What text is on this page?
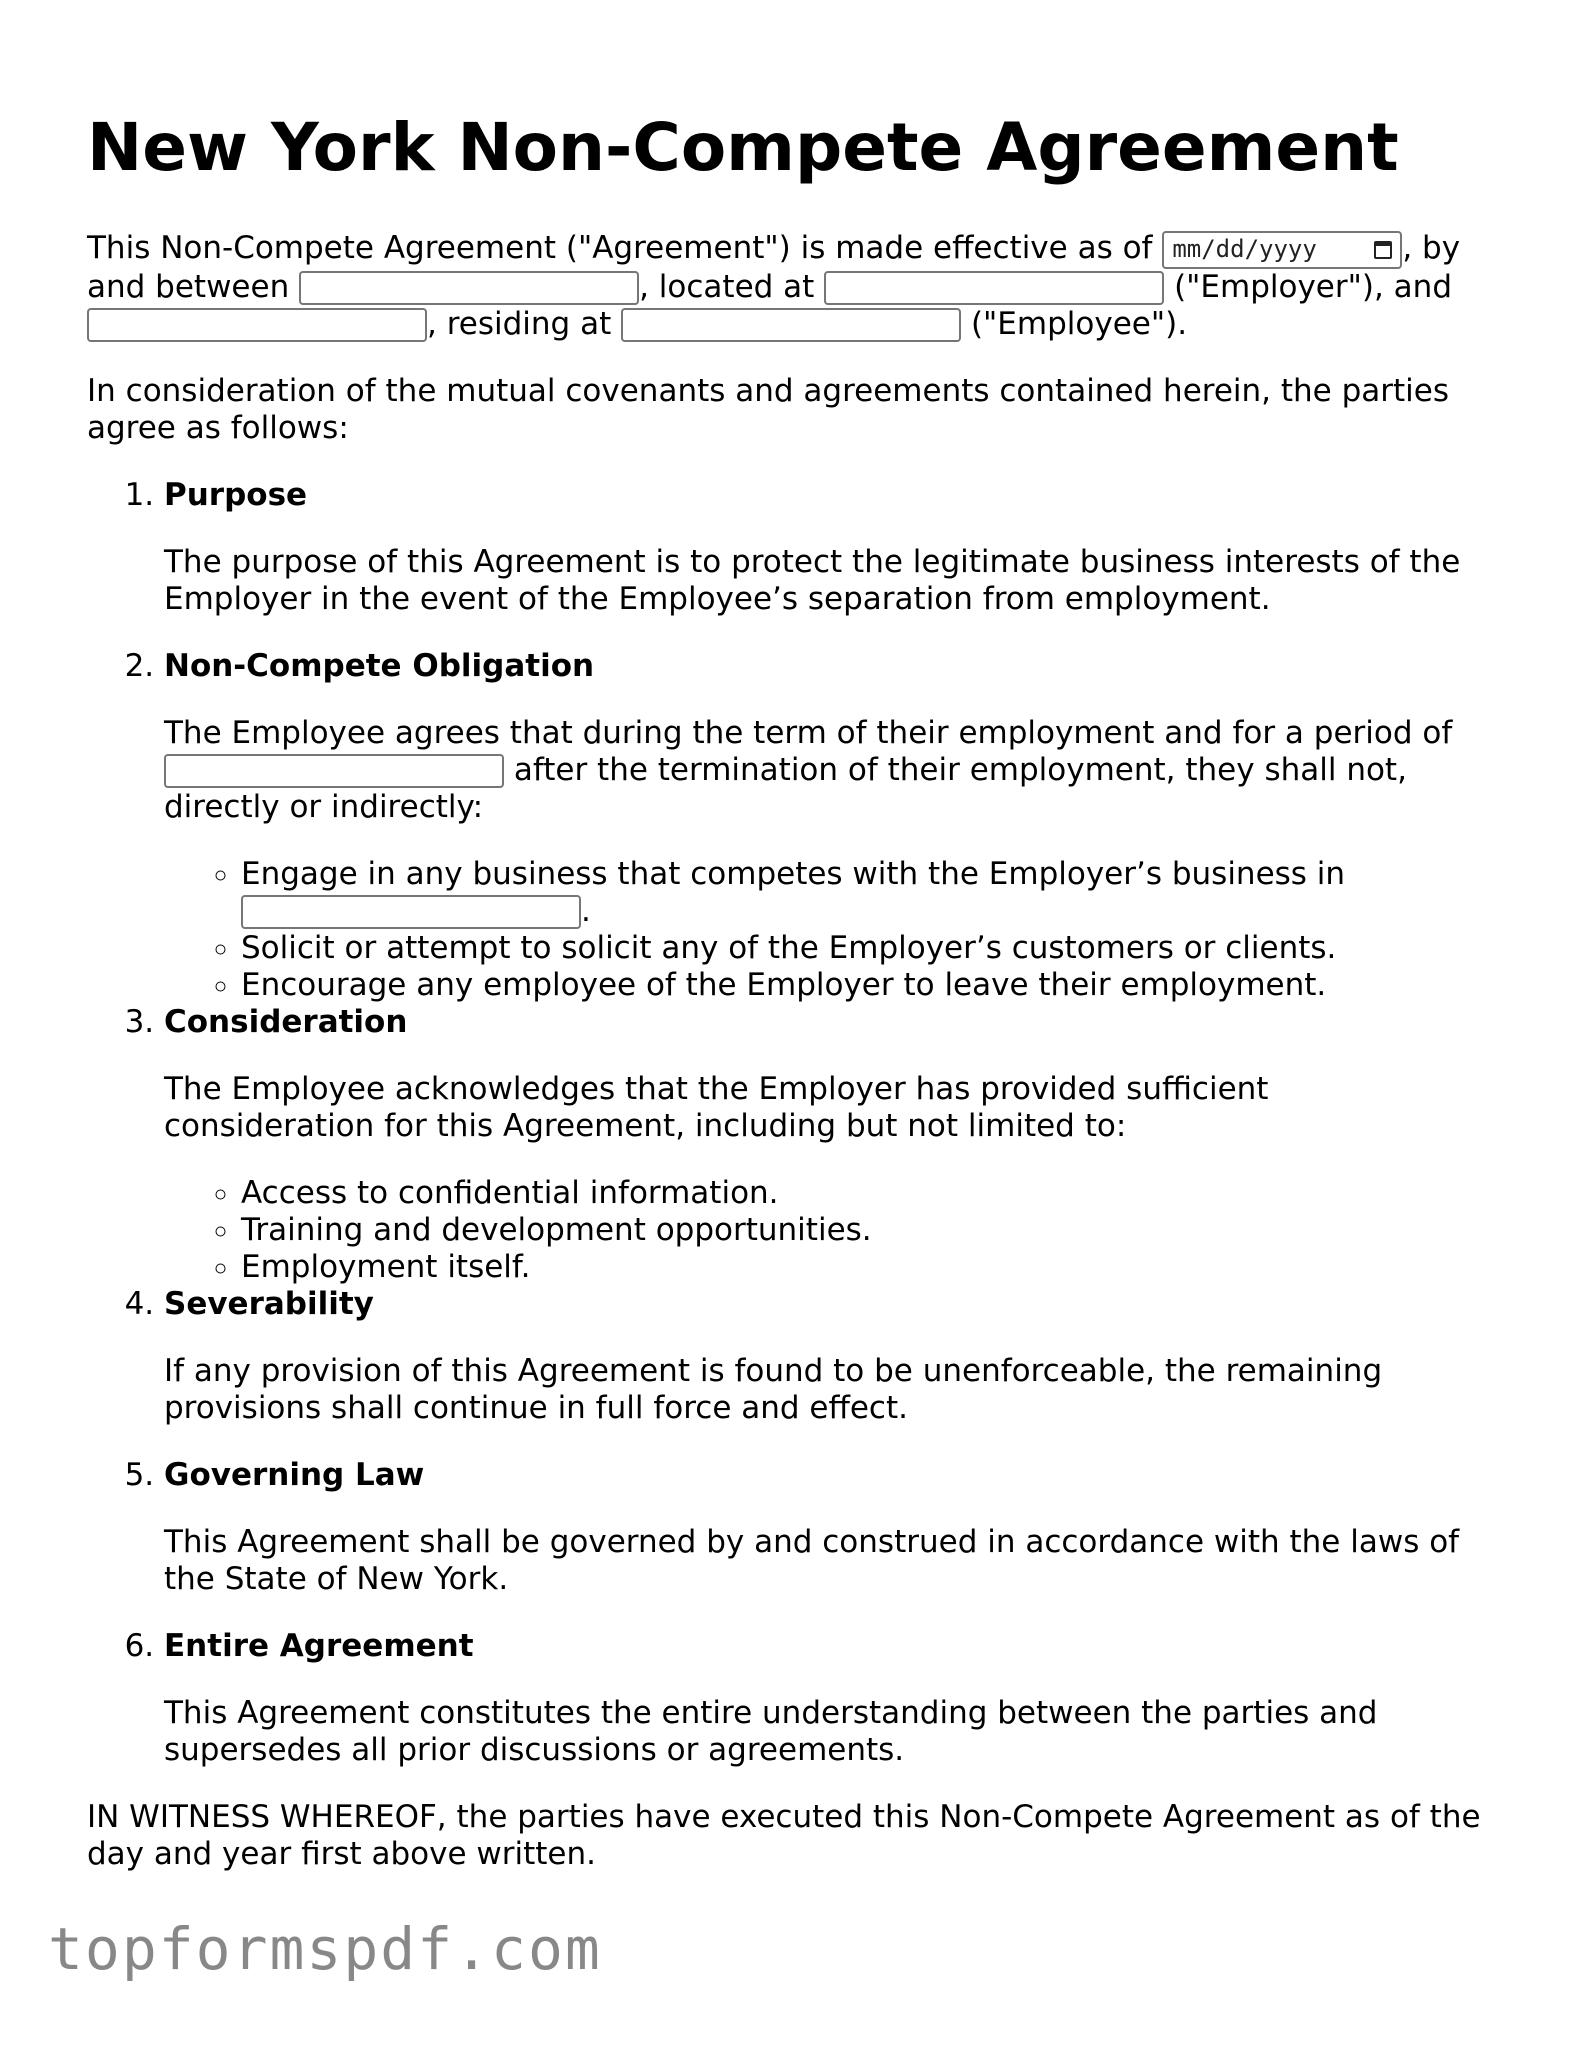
New York Non-Compete Agreement

This Non-Compete Agreement ("Agreement") is made effective as of mm/dd/yyyy	, by and between	, located at	("Employer"), and , residing at	("Employee").

In consideration of the mutual covenants and agreements contained herein, the parties agree as follows:

1. Purpose

The purpose of this Agreement is to protect the legitimate business interests of the Employer in the event of the Employee’s separation from employment.

2. Non-Compete Obligation

The Employee agrees that during the term of their employment and for a period of  after the termination of their employment, they shall not, directly or indirectly:

◦ Engage in any business that competes with the Employer’s business in .
◦ Solicit or attempt to solicit any of the Employer’s customers or clients.
◦ Encourage any employee of the Employer to leave their employment.
3. Consideration

The Employee acknowledges that the Employer has provided sufficient consideration for this Agreement, including but not limited to:

◦ Access to confidential information.
◦ Training and development opportunities.
◦ Employment itself.
4. Severability

If any provision of this Agreement is found to be unenforceable, the remaining provisions shall continue in full force and effect.

5. Governing Law

This Agreement shall be governed by and construed in accordance with the laws of the State of New York.

6. Entire Agreement

This Agreement constitutes the entire understanding between the parties and supersedes all prior discussions or agreements.

IN WITNESS WHEREOF, the parties have executed this Non-Compete Agreement as of the day and year first above written.

topformspdf.com
